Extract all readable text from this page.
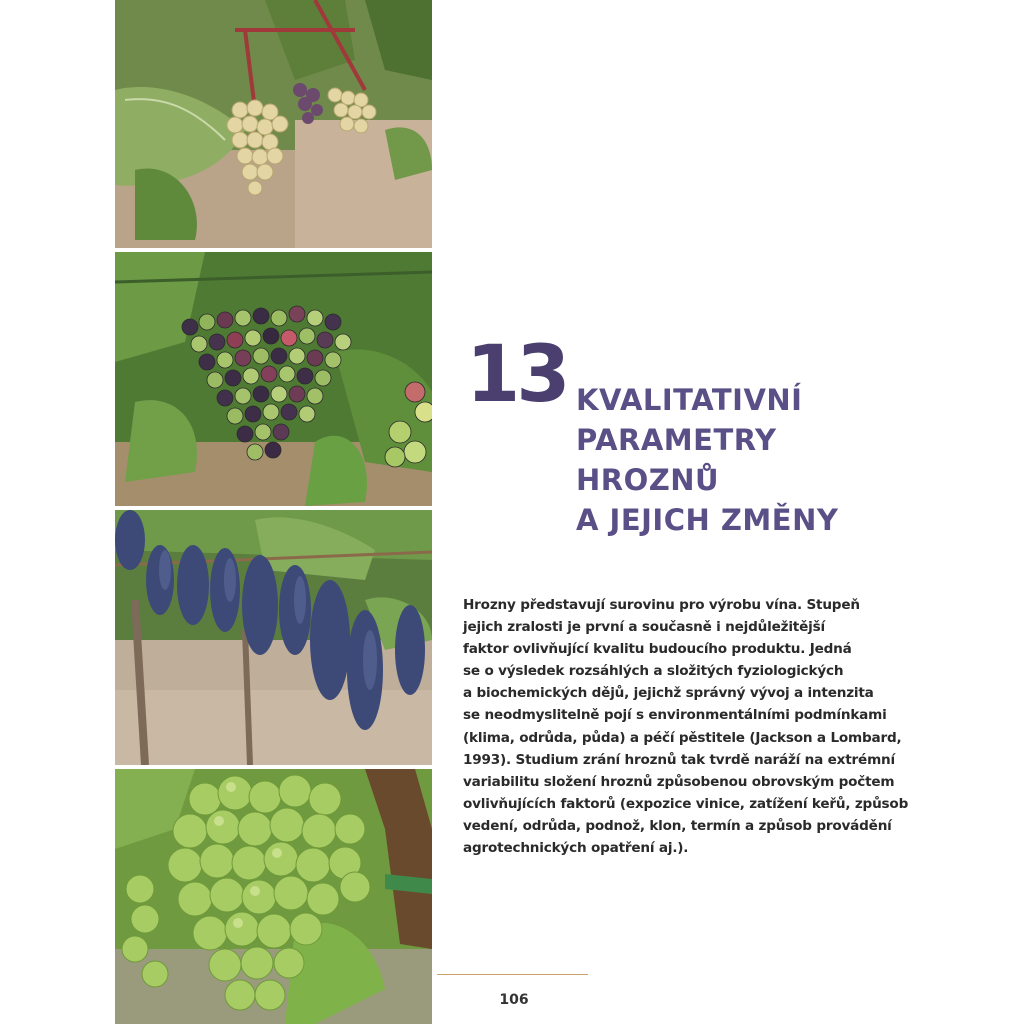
13 KVALITATIVNÍ
PARAMETRY
HROZNŮ
A JEJICH ZMĚNY
Hrozny představují surovinu pro výrobu vína. Stupeň
jejich zralosti je první a současně i nejdůležitější
faktor ovlivňující kvalitu budoucího produktu. Jedná
se o výsledek rozsáhlých a složitých fyziologických
a biochemických dějů, jejichž správný vývoj a intenzita
se neodmyslitelně pojí s environmentálními podmínkami
(klima, odrůda, půda) a péčí pěstitele (Jackson a Lombard,
1993). Studium zrání hroznů tak tvrdě naráží na extrémní
variabilitu složení hroznů způsobenou obrovským počtem
ovlivňujících faktorů (expozice vinice, zatížení keřů, způsob
vedení, odrůda, podnož, klon, termín a způsob provádění
agrotechnických opatření aj.).
106
